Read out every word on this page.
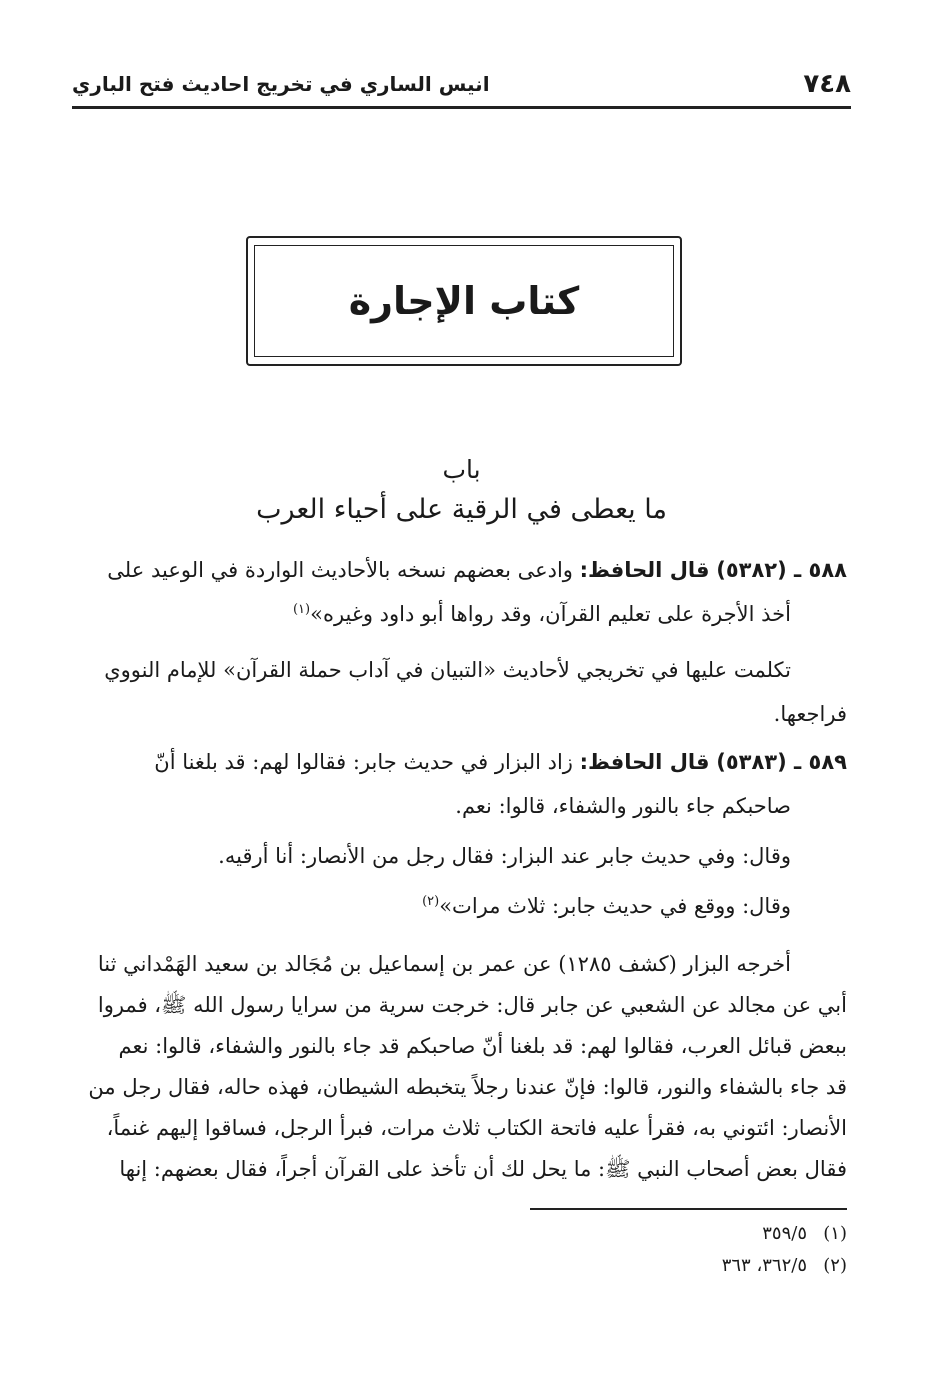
٧٤٨
انيس الساري في تخريج احاديث فتح الباري
كتاب الإجارة
باب
ما يعطى في الرقية على أحياء العرب
٥٨٨ ـ (٥٣٨٢) قال الحافظ: وادعى بعضهم نسخه بالأحاديث الواردة في الوعيد على
أخذ الأجرة على تعليم القرآن، وقد رواها أبو داود وغيره»$^{(١)}$
تكلمت عليها في تخريجي لأحاديث «التبيان في آداب حملة القرآن» للإمام النووي
فراجعها.
٥٨٩ ـ (٥٣٨٣) قال الحافظ: زاد البزار في حديث جابر: فقالوا لهم: قد بلغنا أنّ
صاحبكم جاء بالنور والشفاء، قالوا: نعم.
وقال: وفي حديث جابر عند البزار: فقال رجل من الأنصار: أنا أرقيه.
وقال: ووقع في حديث جابر: ثلاث مرات»$^{(٢)}$
أخرجه البزار (كشف ١٢٨٥) عن عمر بن إسماعيل بن مُجَالد بن سعيد الهَمْداني ثنا
أبي عن مجالد عن الشعبي عن جابر قال: خرجت سرية من سرايا رسول الله ﷺ، فمروا
ببعض قبائل العرب، فقالوا لهم: قد بلغنا أنّ صاحبكم قد جاء بالنور والشفاء، قالوا: نعم
قد جاء بالشفاء والنور، قالوا: فإنّ عندنا رجلاً يتخبطه الشيطان، فهذه حاله، فقال رجل من
الأنصار: ائتوني به، فقرأ عليه فاتحة الكتاب ثلاث مرات، فبرأ الرجل، فساقوا إليهم غنماً،
فقال بعض أصحاب النبي ﷺ: ما يحل لك أن تأخذ على القرآن أجراً، فقال بعضهم: إنها
(١)٣٥٩/٥
(٢)٣٦٢/٥، ٣٦٣
